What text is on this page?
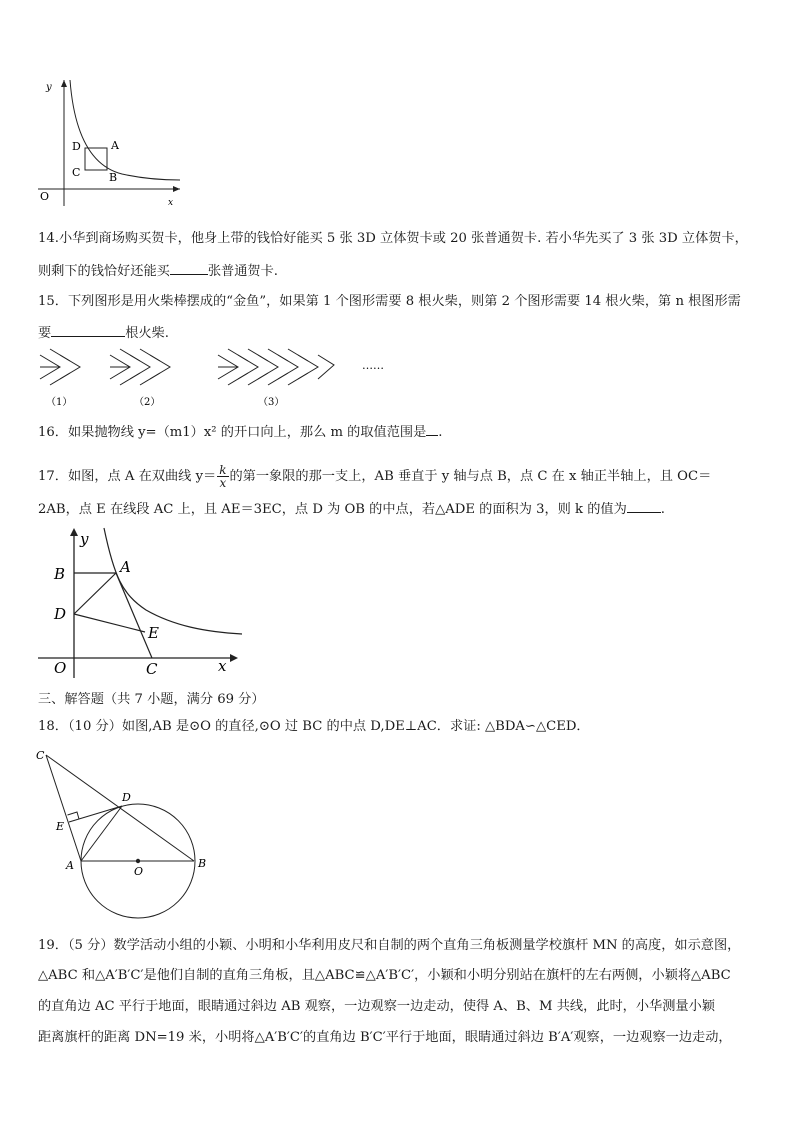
y
x
O
D	A
C	B
14.小华到商场购买贺卡，他身上带的钱恰好能买 5 张 3D 立体贺卡或 20 张普通贺卡. 若小华先买了 3 张 3D 立体贺卡，
则剩下的钱恰好还能买	张普通贺卡.
15．下列图形是用火柴棒摆成的“金鱼”，如果第 1 个图形需要 8 根火柴，则第 2 个图形需要 14 根火柴，第 n 根图形需
要	根火柴.
（1）	（2）	（3）
……
16．如果抛物线 y=（m1）x² 的开口向上，那么 m 的取值范围是 .
17．如图，点 A 在双曲线 $y= \frac{k}{x}$ 的第一象限的那一支上，AB 垂直于 y 轴与点 B，点 C 在 x 轴正半轴上，且 OC＝
2AB，点 E 在线段 AC 上，且 AE＝3EC，点 D 为 OB 的中点，若△ADE 的面积为 3，则 k 的值为	.
y
x
O
B	A
D
E
C
三、解答题（共 7 小题，满分 69 分）
18．（10 分）如图,AB 是⊙O 的直径,⊙O 过 BC 的中点 D,DE⊥AC．求证: △BDA∽△CED．
C
D
E
A	O
B
19．（5 分）数学活动小组的小颖、小明和小华利用皮尺和自制的两个直角三角板测量学校旗杆 MN 的高度，如示意图，
△ABC 和△A′B′C′是他们自制的直角三角板，且△ABC≌△A′B′C′，小颖和小明分别站在旗杆的左右两侧，小颖将△ABC
的直角边 AC 平行于地面，眼睛通过斜边 AB 观察，一边观察一边走动，使得 A、B、M 共线，此时，小华测量小颖
距离旗杆的距离 DN=19 米，小明将△A′B′C′的直角边 B′C′平行于地面，眼睛通过斜边 B′A′观察，一边观察一边走动，
